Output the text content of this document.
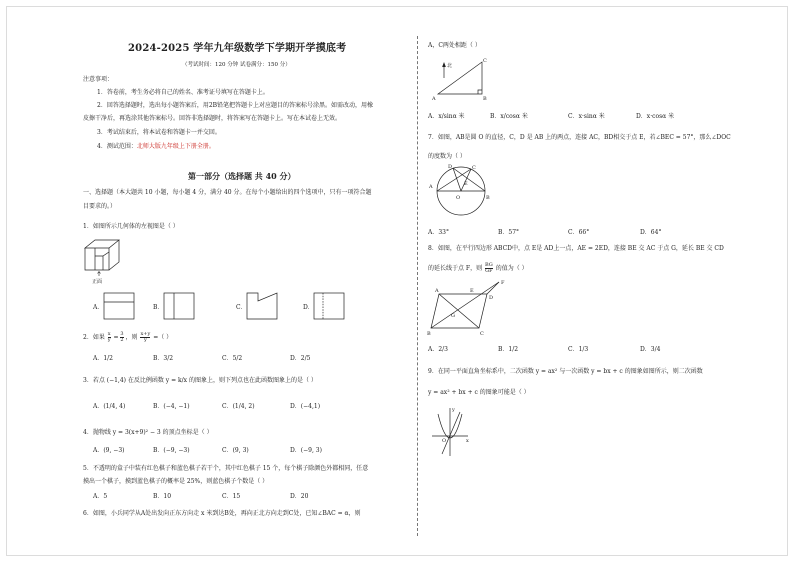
2024-2025 学年九年级数学下学期开学摸底考
（考试时间：120 分钟 试卷满分：150 分）
注意事项：
1．答卷前，考生务必将自己的姓名、准考证号填写在答题卡上。
2．回答选择题时，选出每小题答案后，用2B铅笔把答题卡上对应题目的答案标号涂黑。如需改动，用橡
皮擦干净后，再选涂其他答案标号。回答非选择题时，将答案写在答题卡上。写在本试卷上无效。
3．考试结束后，将本试卷和答题卡一并交回。
4．测试范围：北师大版九年级上下册全册。
第一部分（选择题 共 40 分）
一、选择题（本大题共 10 小题，每小题 4 分，满分 40 分。在每个小题给出的四个选项中，只有一项符合题
目要求的。）
1．如图所示几何体的左视图是（ ）
正面
A．	B．	C．	D．
2．如果 $\frac{x}{y} = \frac{3}{2}$ ，则 $\frac{x+y}{y}$ =（ ）
A．1/2	B．3/2	C．5/2	D．2/5
3．若点 (−1,4) 在反比例函数 y = k/x 的图象上，则下列点也在此函数图象上的是（ ）
A．(1/4, 4)	B．(−4, −1)	C．(1/4, 2)	D．(−4,1)
4．抛物线 y = 3(x+9)² − 3 的顶点坐标是（ ）
A．(9, −3)	B．(−9, −3)	C．(9, 3)	D．(−9, 3)
5．不透明的盒子中装有红色棋子和蓝色棋子若干个，其中红色棋子 15 个，每个棋子除颜色外都相同，任意
摸出一个棋子，摸到蓝色棋子的概率是 25%，则蓝色棋子个数是（ ）
A．5	B．10	C．15	D．20
6．如图，小兵同学从A处出发向正东方向走 x 米到达B处，再向正北方向走到C处，已知∠BAC = α，则
A，C两处相距（ ）
北
A	B
C
A．x/sinα 米	B．x/cosα 米	C．x·sinα 米	D．x·cosα 米
7．如图，AB是圆 O 的直径，C，D 是 AB 上的两点，连接 AC，BD相交于点 E，若∠BEC = 57°，那么∠DOC
的度数为（ ）
A
B
C
D
E
O
A．33°	B．57°	C．66°	D．64°
8．如图，在平行四边形 ABCD中，点 E是 AD上一点，AE = 2ED，连接 BE 交 AC 于点 G，延长 BE 交 CD
的延长线于点 F，则 $\frac{BG}{GF}$ 的值为（ ）
A
B	C
D
E
F
G
A．2/3	B．1/2	C．1/3	D．3/4
9．在同一平面直角坐标系中，二次函数 y = ax² 与一次函数 y = bx + c 的图象如图所示，则二次函数
y = ax² + bx + c 的图象可能是（ ）
O	x
y
